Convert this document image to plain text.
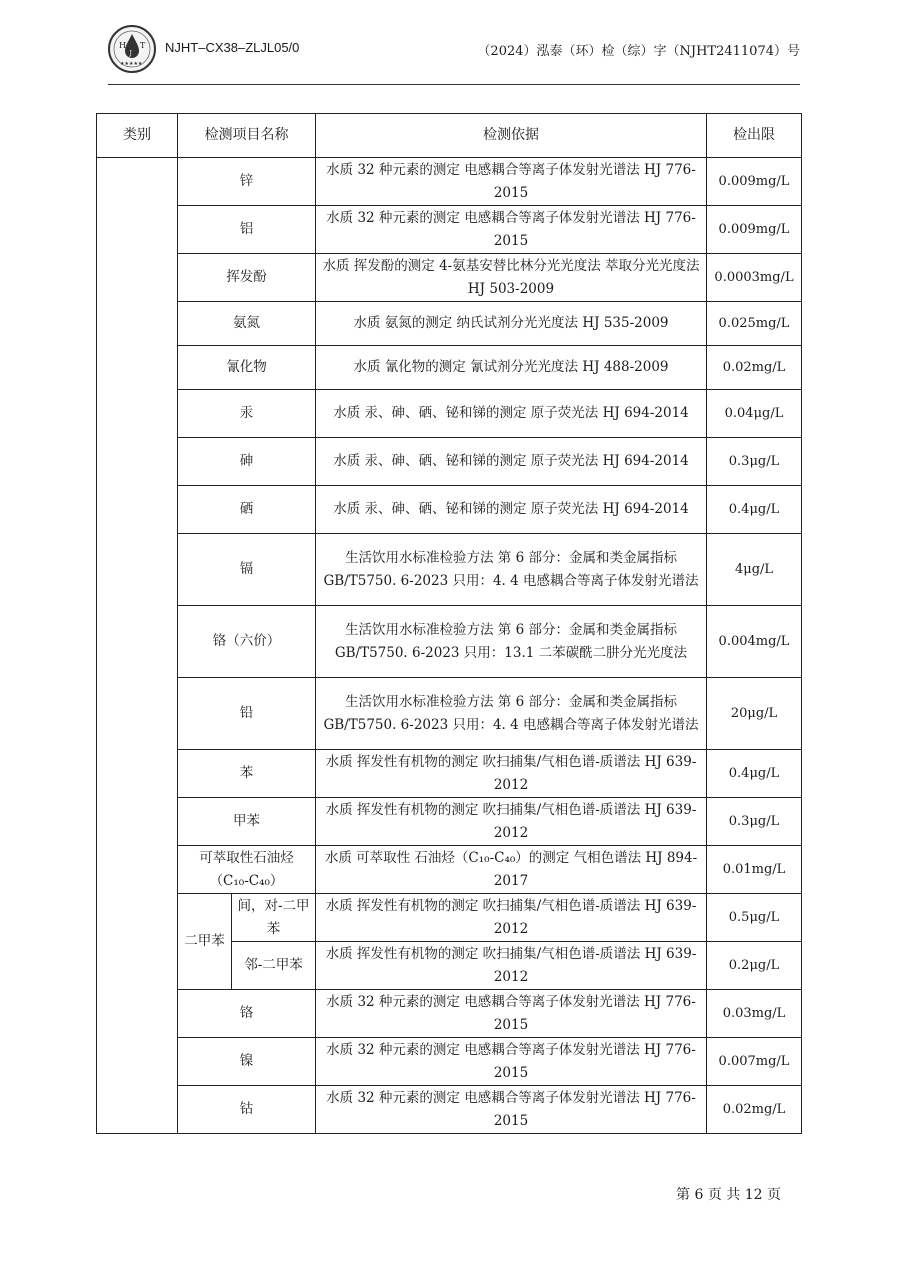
H T
J
★★★★★
NJHT–CX38–ZLJL05/0	（2024）泓泰（环）检（综）字（NJHT2411074）号
类别	检测项目名称		检测依据	检出限
	锌		水质 32 种元素的测定 电感耦合等离子体发射光谱法 HJ 776-2015	0.009mg/L
	铝		水质 32 种元素的测定 电感耦合等离子体发射光谱法 HJ 776-2015	0.009mg/L
	挥发酚		水质 挥发酚的测定 4-氨基安替比林分光光度法 萃取分光光度法 HJ 503-2009	0.0003mg/L
	氨氮		水质 氨氮的测定 纳氏试剂分光光度法 HJ 535-2009	0.025mg/L
	氰化物		水质 氰化物的测定 氰试剂分光光度法 HJ 488-2009	0.02mg/L
	汞		水质 汞、砷、硒、铋和锑的测定 原子荧光法 HJ 694-2014	0.04μg/L
	砷		水质 汞、砷、硒、铋和锑的测定 原子荧光法 HJ 694-2014	0.3μg/L
	硒		水质 汞、砷、硒、铋和锑的测定 原子荧光法 HJ 694-2014	0.4μg/L
	镉		生活饮用水标准检验方法 第 6 部分：金属和类金属指标 GB/T5750. 6-2023 只用：4. 4 电感耦合等离子体发射光谱法	4μg/L
	铬（六价）		生活饮用水标准检验方法 第 6 部分：金属和类金属指标 GB/T5750. 6-2023 只用：13.1 二苯碳酰二肼分光光度法	0.004mg/L
	铅		生活饮用水标准检验方法 第 6 部分：金属和类金属指标 GB/T5750. 6-2023 只用：4. 4 电感耦合等离子体发射光谱法	20μg/L
	苯		水质 挥发性有机物的测定 吹扫捕集/气相色谱-质谱法 HJ 639-2012	0.4μg/L
	甲苯		水质 挥发性有机物的测定 吹扫捕集/气相色谱-质谱法 HJ 639-2012	0.3μg/L
	可萃取性石油烃（C₁₀-C₄₀）		水质 可萃取性 石油烃（C₁₀-C₄₀）的测定 气相色谱法 HJ 894-2017	0.01mg/L
	二甲苯	间，对-二甲苯	水质 挥发性有机物的测定 吹扫捕集/气相色谱-质谱法 HJ 639-2012	0.5μg/L
		邻-二甲苯	水质 挥发性有机物的测定 吹扫捕集/气相色谱-质谱法 HJ 639-2012	0.2μg/L
	铬		水质 32 种元素的测定 电感耦合等离子体发射光谱法 HJ 776-2015	0.03mg/L
	镍		水质 32 种元素的测定 电感耦合等离子体发射光谱法 HJ 776-2015	0.007mg/L
	钴		水质 32 种元素的测定 电感耦合等离子体发射光谱法 HJ 776-2015	0.02mg/L
第 6 页 共 12 页
